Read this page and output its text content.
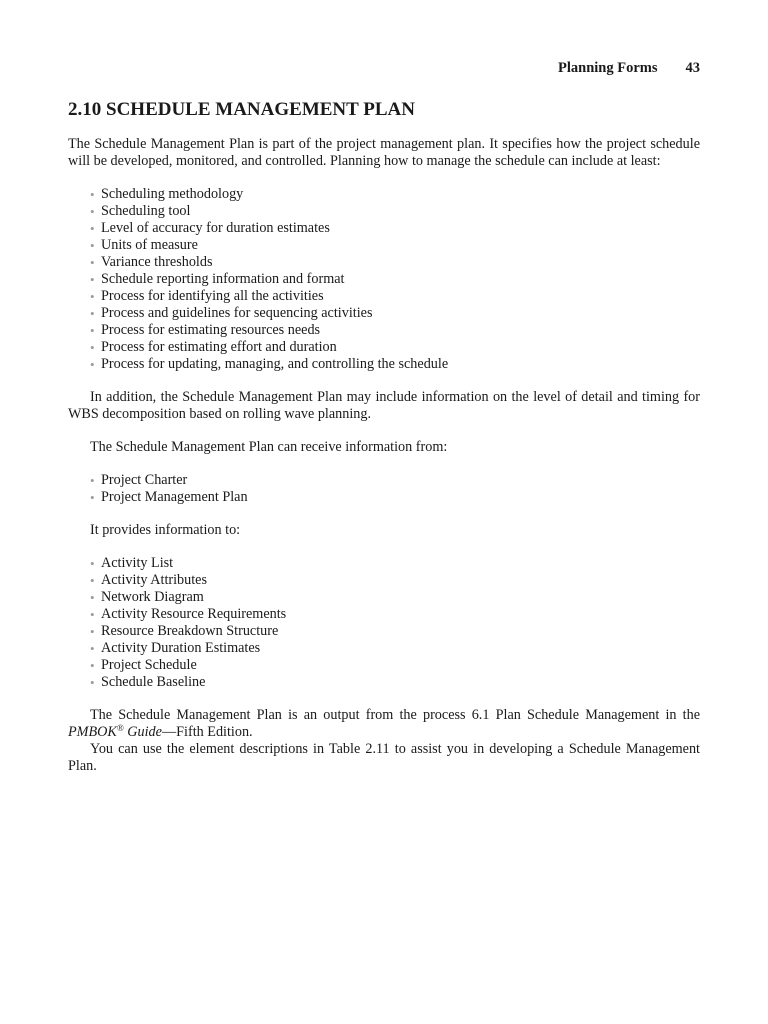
Planning Forms 43
2.10 SCHEDULE MANAGEMENT PLAN

The Schedule Management Plan is part of the project management plan. It specifies how the project schedule will be developed, monitored, and controlled. Planning how to manage the schedule can include at least:

• Scheduling methodology
• Scheduling tool
• Level of accuracy for duration estimates
• Units of measure
• Variance thresholds
• Schedule reporting information and format
• Process for identifying all the activities
• Process and guidelines for sequencing activities
• Process for estimating resources needs
• Process for estimating effort and duration
• Process for updating, managing, and controlling the schedule

In addition, the Schedule Management Plan may include information on the level of detail and timing for WBS decomposition based on rolling wave planning.

The Schedule Management Plan can receive information from:

• Project Charter
• Project Management Plan

It provides information to:

• Activity List
• Activity Attributes
• Network Diagram
• Activity Resource Requirements
• Resource Breakdown Structure
• Activity Duration Estimates
• Project Schedule
• Schedule Baseline

The Schedule Management Plan is an output from the process 6.1 Plan Schedule Management in the PMBOK® Guide—Fifth Edition.

You can use the element descriptions in Table 2.11 to assist you in developing a Schedule Management Plan.
